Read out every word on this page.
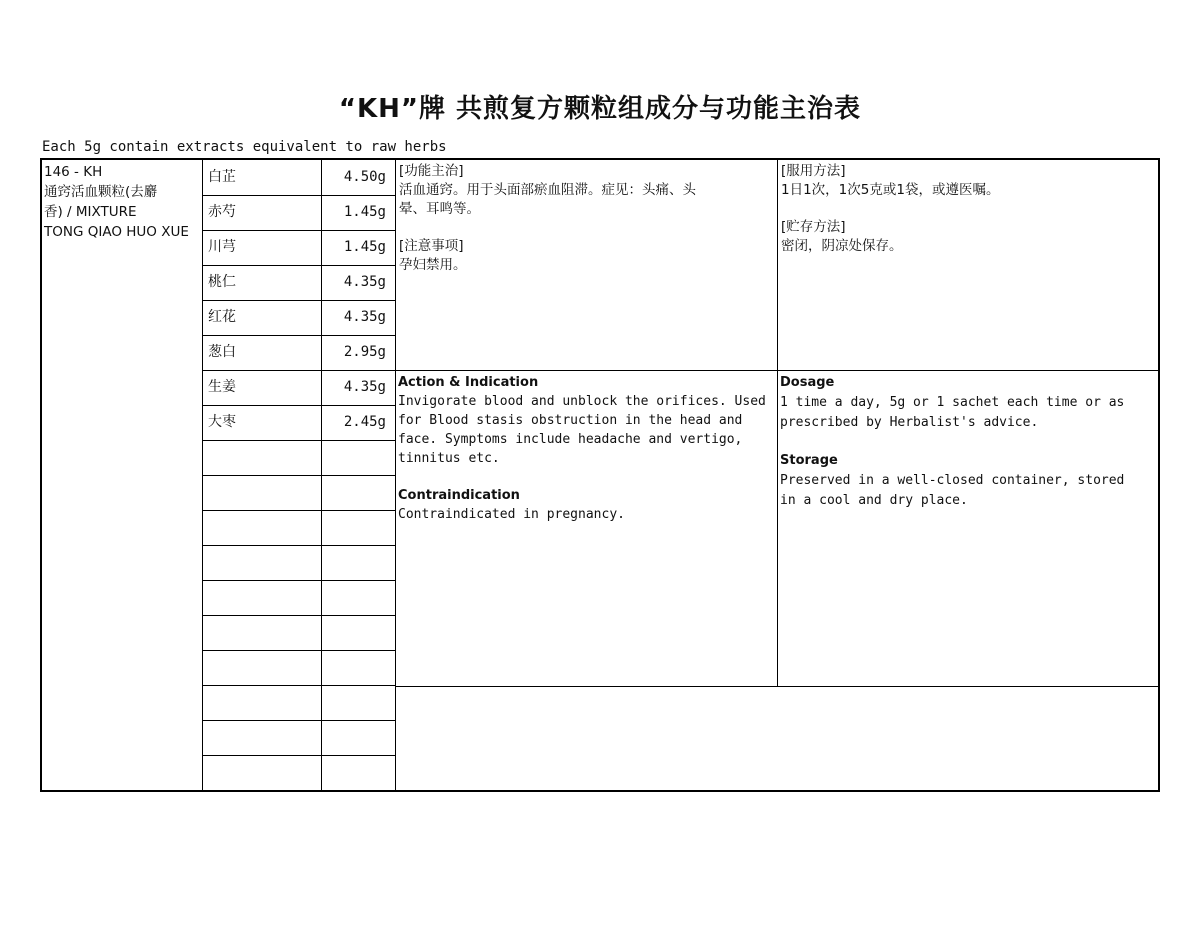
“KH”牌 共煎复方颗粒组成分与功能主治表
Each 5g contain extracts equivalent to raw herbs
146 - KH
通窍活血颗粒(去麝
香) / MIXTURE
TONG QIAO HUO XUE
白芷	4.50g
赤芍	1.45g
川芎	1.45g
桃仁	4.35g
红花	4.35g
葱白	2.95g
生姜	4.35g
大枣	2.45g
[功能主治]
活血通窍。用于头面部瘀血阻滞。症见：头痛、头
晕、耳鸣等。
[注意事项]
孕妇禁用。
[服用方法]
1日1次，1次5克或1袋，或遵医嘱。
[贮存方法]
密闭，阴凉处保存。
Action & Indication
Invigorate blood and unblock the orifices. Used
for Blood stasis obstruction in the head and
face. Symptoms include headache and vertigo,
tinnitus etc.
Contraindication
Contraindicated in pregnancy.
Dosage
1 time a day, 5g or 1 sachet each time or as
prescribed by Herbalist's advice.
Storage
Preserved in a well-closed container, stored
in a cool and dry place.
